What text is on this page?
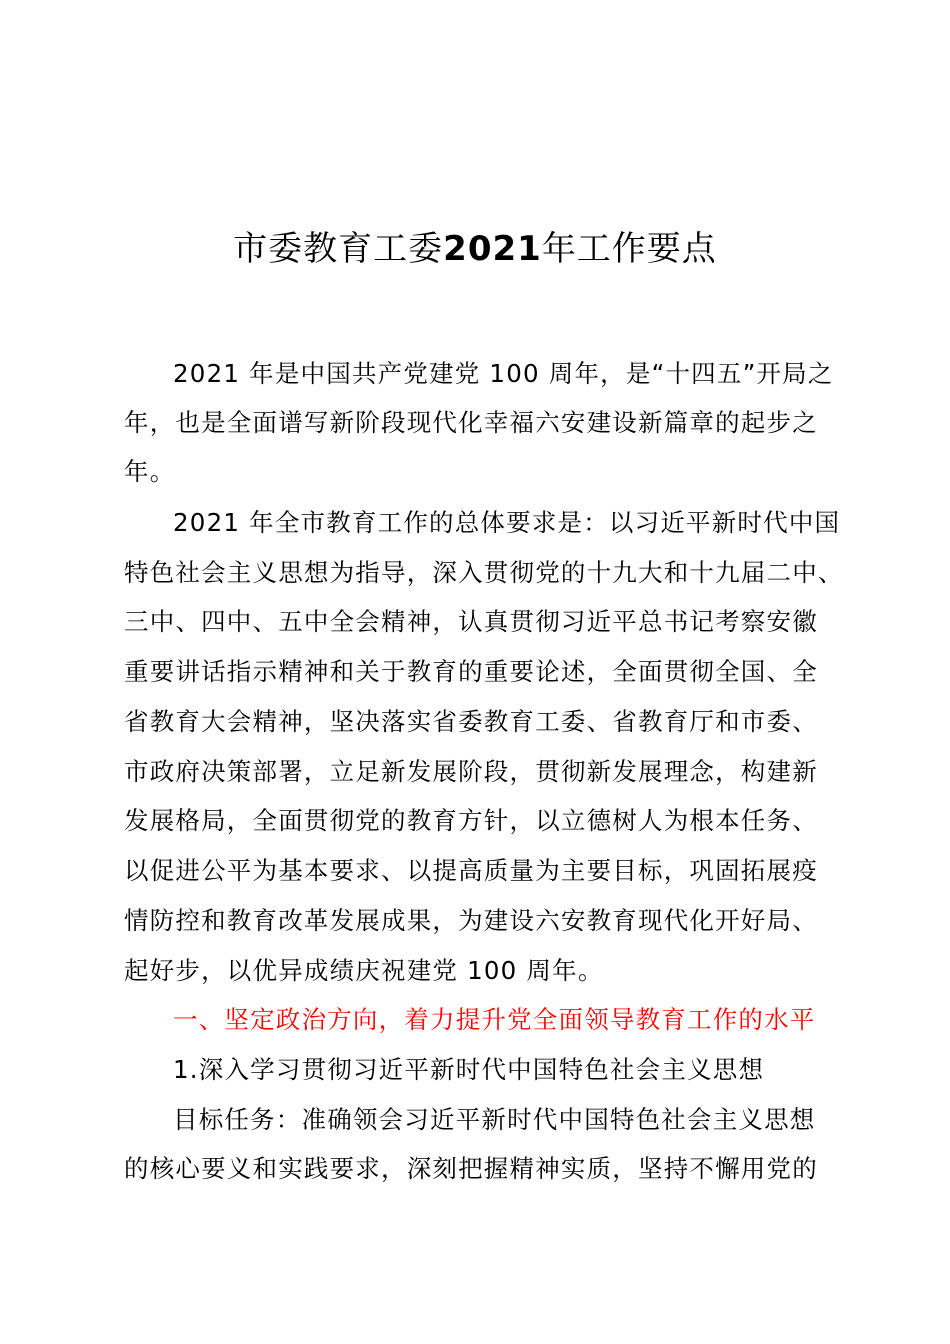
市委教育工委2021年工作要点
2021 年是中国共产党建党 100 周年，是“十四五”开局之
年，也是全面谱写新阶段现代化幸福六安建设新篇章的起步之
年。
2021 年全市教育工作的总体要求是：以习近平新时代中国
特色社会主义思想为指导，深入贯彻党的十九大和十九届二中、
三中、四中、五中全会精神，认真贯彻习近平总书记考察安徽
重要讲话指示精神和关于教育的重要论述，全面贯彻全国、全
省教育大会精神，坚决落实省委教育工委、省教育厅和市委、
市政府决策部署，立足新发展阶段，贯彻新发展理念，构建新
发展格局，全面贯彻党的教育方针，以立德树人为根本任务、
以促进公平为基本要求、以提高质量为主要目标，巩固拓展疫
情防控和教育改革发展成果，为建设六安教育现代化开好局、
起好步，以优异成绩庆祝建党 100 周年。
一、坚定政治方向，着力提升党全面领导教育工作的水平
1.深入学习贯彻习近平新时代中国特色社会主义思想
目标任务：准确领会习近平新时代中国特色社会主义思想
的核心要义和实践要求，深刻把握精神实质，坚持不懈用党的
